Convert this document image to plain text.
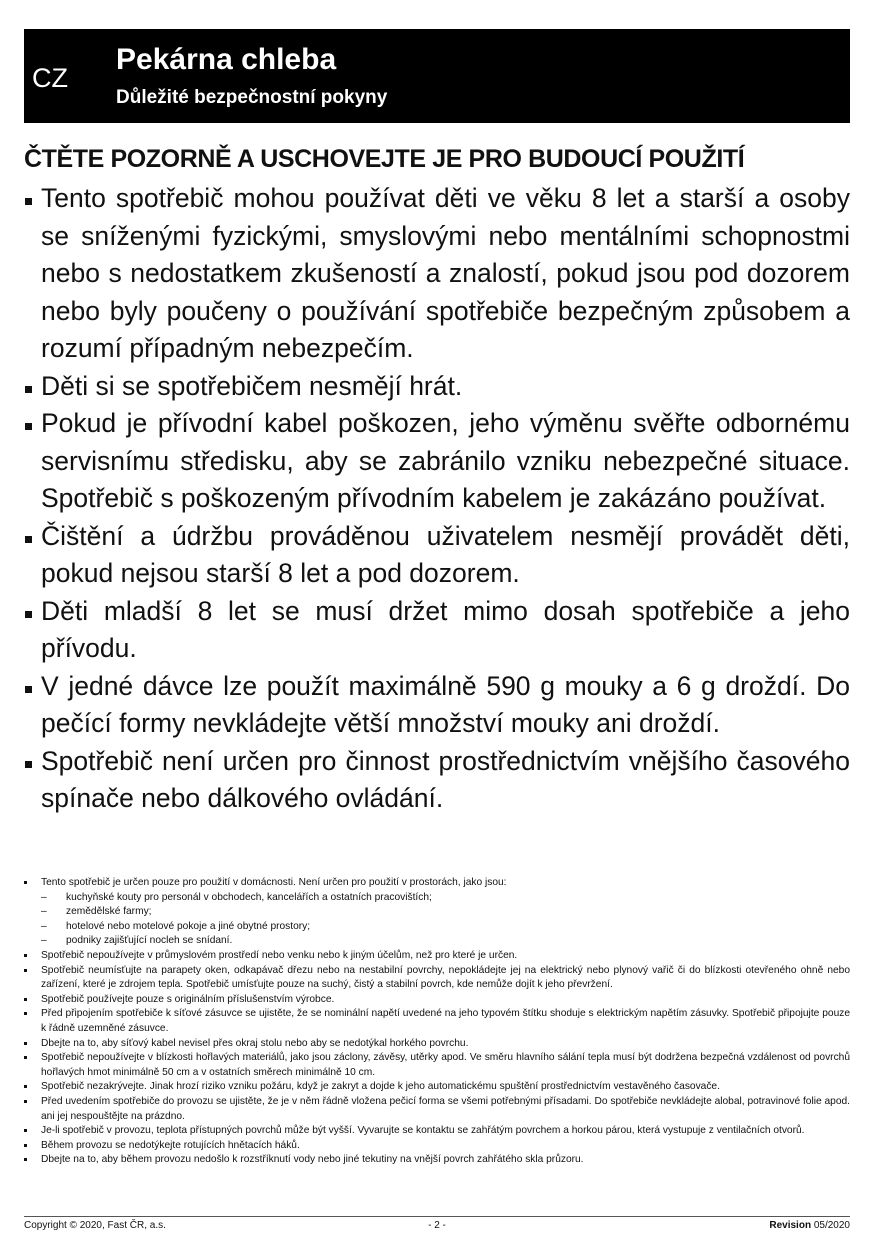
CZ
Pekárna chleba
Důležité bezpečnostní pokyny
ČTĚTE POZORNĚ A USCHOVEJTE JE PRO BUDOUCÍ POUŽITÍ
Tento spotřebič mohou používat děti ve věku 8 let a starší a osoby se sníženými fyzickými, smyslovými nebo mentálními schopnostmi nebo s nedostatkem zkušeností a znalostí, pokud jsou pod dozorem nebo byly poučeny o používání spotřebiče bezpečným způsobem a rozumí případným nebezpečím.
Děti si se spotřebičem nesmějí hrát.
Pokud je přívodní kabel poškozen, jeho výměnu svěřte odbornému servisnímu středisku, aby se zabránilo vzniku nebezpečné situace. Spotřebič s poškozeným přívodním kabelem je zakázáno používat.
Čištění a údržbu prováděnou uživatelem nesmějí provádět děti, pokud nejsou starší 8 let a pod dozorem.
Děti mladší 8 let se musí držet mimo dosah spotřebiče a jeho přívodu.
V jedné dávce lze použít maximálně 590 g mouky a 6 g droždí. Do pečící formy nevkládejte větší množství mouky ani droždí.
Spotřebič není určen pro činnost prostřednictvím vnějšího časového spínače nebo dálkového ovládání.
Tento spotřebič je určen pouze pro použití v domácnosti. Není určen pro použití v prostorách, jako jsou:
– kuchyňské kouty pro personál v obchodech, kancelářích a ostatních pracovištích;
– zemědělské farmy;
– hotelové nebo motelové pokoje a jiné obytné prostory;
– podniky zajišťující nocleh se snídaní.
Spotřebič nepoužívejte v průmyslovém prostředí nebo venku nebo k jiným účelům, než pro které je určen.
Spotřebič neumísťujte na parapety oken, odkapávač dřezu nebo na nestabilní povrchy, nepokládejte jej na elektrický nebo plynový vařič či do blízkosti otevřeného ohně nebo zařízení, které je zdrojem tepla. Spotřebič umísťujte pouze na suchý, čistý a stabilní povrch, kde nemůže dojít k jeho převržení.
Spotřebič používejte pouze s originálním příslušenstvím výrobce.
Před připojením spotřebiče k síťové zásuvce se ujistěte, že se nominální napětí uvedené na jeho typovém štítku shoduje s elektrickým napětím zásuvky. Spotřebič připojujte pouze k řádně uzemněné zásuvce.
Dbejte na to, aby síťový kabel nevisel přes okraj stolu nebo aby se nedotýkal horkého povrchu.
Spotřebič nepoužívejte v blízkosti hořlavých materiálů, jako jsou záclony, závěsy, utěrky apod. Ve směru hlavního sálání tepla musí být dodržena bezpečná vzdálenost od povrchů hořlavých hmot minimálně 50 cm a v ostatních směrech minimálně 10 cm.
Spotřebič nezakrývejte. Jinak hrozí riziko vzniku požáru, když je zakryt a dojde k jeho automatickému spuštění prostřednictvím vestavěného časovače.
Před uvedením spotřebiče do provozu se ujistěte, že je v něm řádně vložena pečicí forma se všemi potřebnými přísadami. Do spotřebiče nevkládejte alobal, potravinové folie apod. ani jej nespouštějte na prázdno.
Je-li spotřebič v provozu, teplota přístupných povrchů může být vyšší. Vyvarujte se kontaktu se zahřátým povrchem a horkou párou, která vystupuje z ventilačních otvorů.
Během provozu se nedotýkejte rotujících hnětacích háků.
Dbejte na to, aby během provozu nedošlo k rozstříknutí vody nebo jiné tekutiny na vnější povrch zahřátého skla průzoru.
Copyright © 2020, Fast ČR, a.s.	- 2 -	Revision 05/2020
